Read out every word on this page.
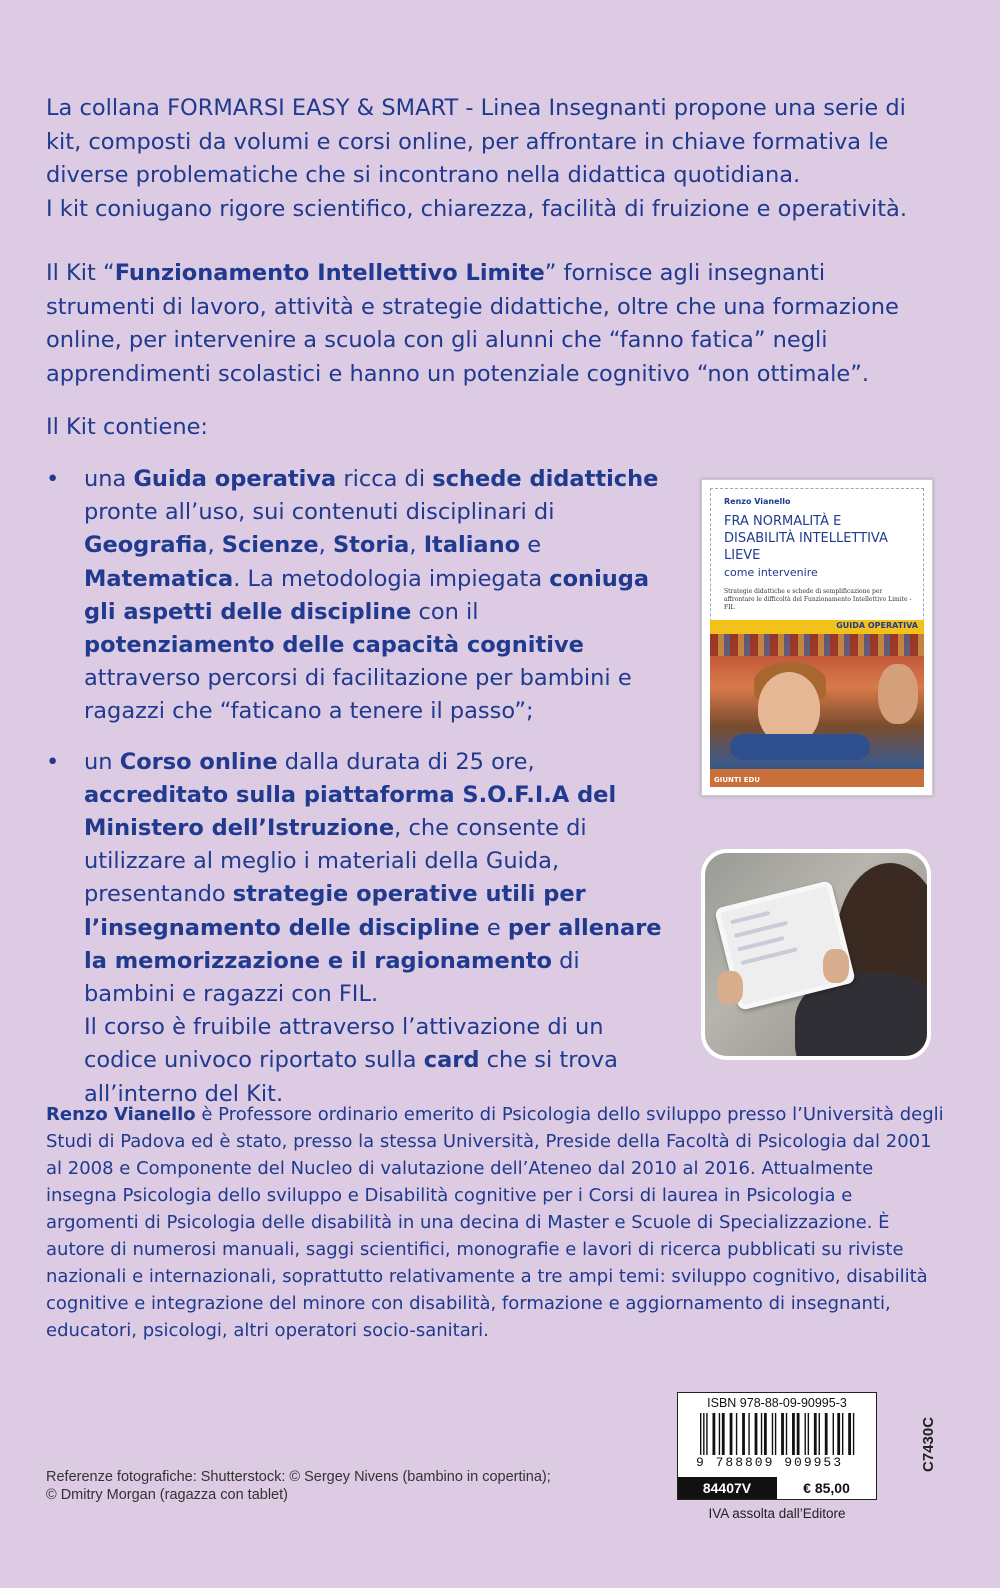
La collana FORMARSI EASY & SMART - Linea Insegnanti propone una serie di kit, composti da volumi e corsi online, per affrontare in chiave formativa le diverse problematiche che si incontrano nella didattica quotidiana.
I kit coniugano rigore scientifico, chiarezza, facilità di fruizione e operatività.

Il Kit “Funzionamento Intellettivo Limite” fornisce agli insegnanti strumenti di lavoro, attività e strategie didattiche, oltre che una formazione online, per intervenire a scuola con gli alunni che “fanno fatica” negli apprendimenti scolastici e hanno un potenziale cognitivo “non ottimale”.

Il Kit contiene:

• una Guida operativa ricca di schede didattiche pronte all’uso, sui contenuti disciplinari di Geografia, Scienze, Storia, Italiano e Matematica. La metodologia impiegata coniuga gli aspetti delle discipline con il potenziamento delle capacità cognitive attraverso percorsi di facilitazione per bambini e ragazzi che “faticano a tenere il passo”;
• un Corso online dalla durata di 25 ore, accreditato sulla piattaforma S.O.F.I.A del Ministero dell’Istruzione, che consente di utilizzare al meglio i materiali della Guida, presentando strategie operative utili per l’insegnamento delle discipline e per allenare la memorizzazione e il ragionamento di bambini e ragazzi con FIL.
Il corso è fruibile attraverso l’attivazione di un codice univoco riportato sulla card che si trova all’interno del Kit.
Renzo Vianello
FRA NORMALITÀ E DISABILITÀ INTELLETTIVA LIEVE
come intervenire
Strategie didattiche e schede di semplificazione per affrontare le difficoltà del Funzionamento Intellettivo Limite - FIL
GUIDA OPERATIVA
GIUNTI EDU

Renzo Vianello è Professore ordinario emerito di Psicologia dello sviluppo presso l’Università degli Studi di Padova ed è stato, presso la stessa Università, Preside della Facoltà di Psicologia dal 2001 al 2008 e Componente del Nucleo di valutazione dell’Ateneo dal 2010 al 2016. Attualmente insegna Psicologia dello sviluppo e Disabilità cognitive per i Corsi di laurea in Psicologia e argomenti di Psicologia delle disabilità in una decina di Master e Scuole di Specializzazione. È autore di numerosi manuali, saggi scientifici, monografie e lavori di ricerca pubblicati su riviste nazionali e internazionali, soprattutto relativamente a tre ampi temi: sviluppo cognitivo, disabilità cognitive e integrazione del minore con disabilità, formazione e aggiornamento di insegnanti, educatori, psicologi, altri operatori socio-sanitari.

Referenze fotografiche: Shutterstock: © Sergey Nivens (bambino in copertina);
© Dmitry Morgan (ragazza con tablet)

ISBN 978-88-09-90995-3
9 788809 909953
84407V	€ 85,00
IVA assolta dall’Editore
C7430C
